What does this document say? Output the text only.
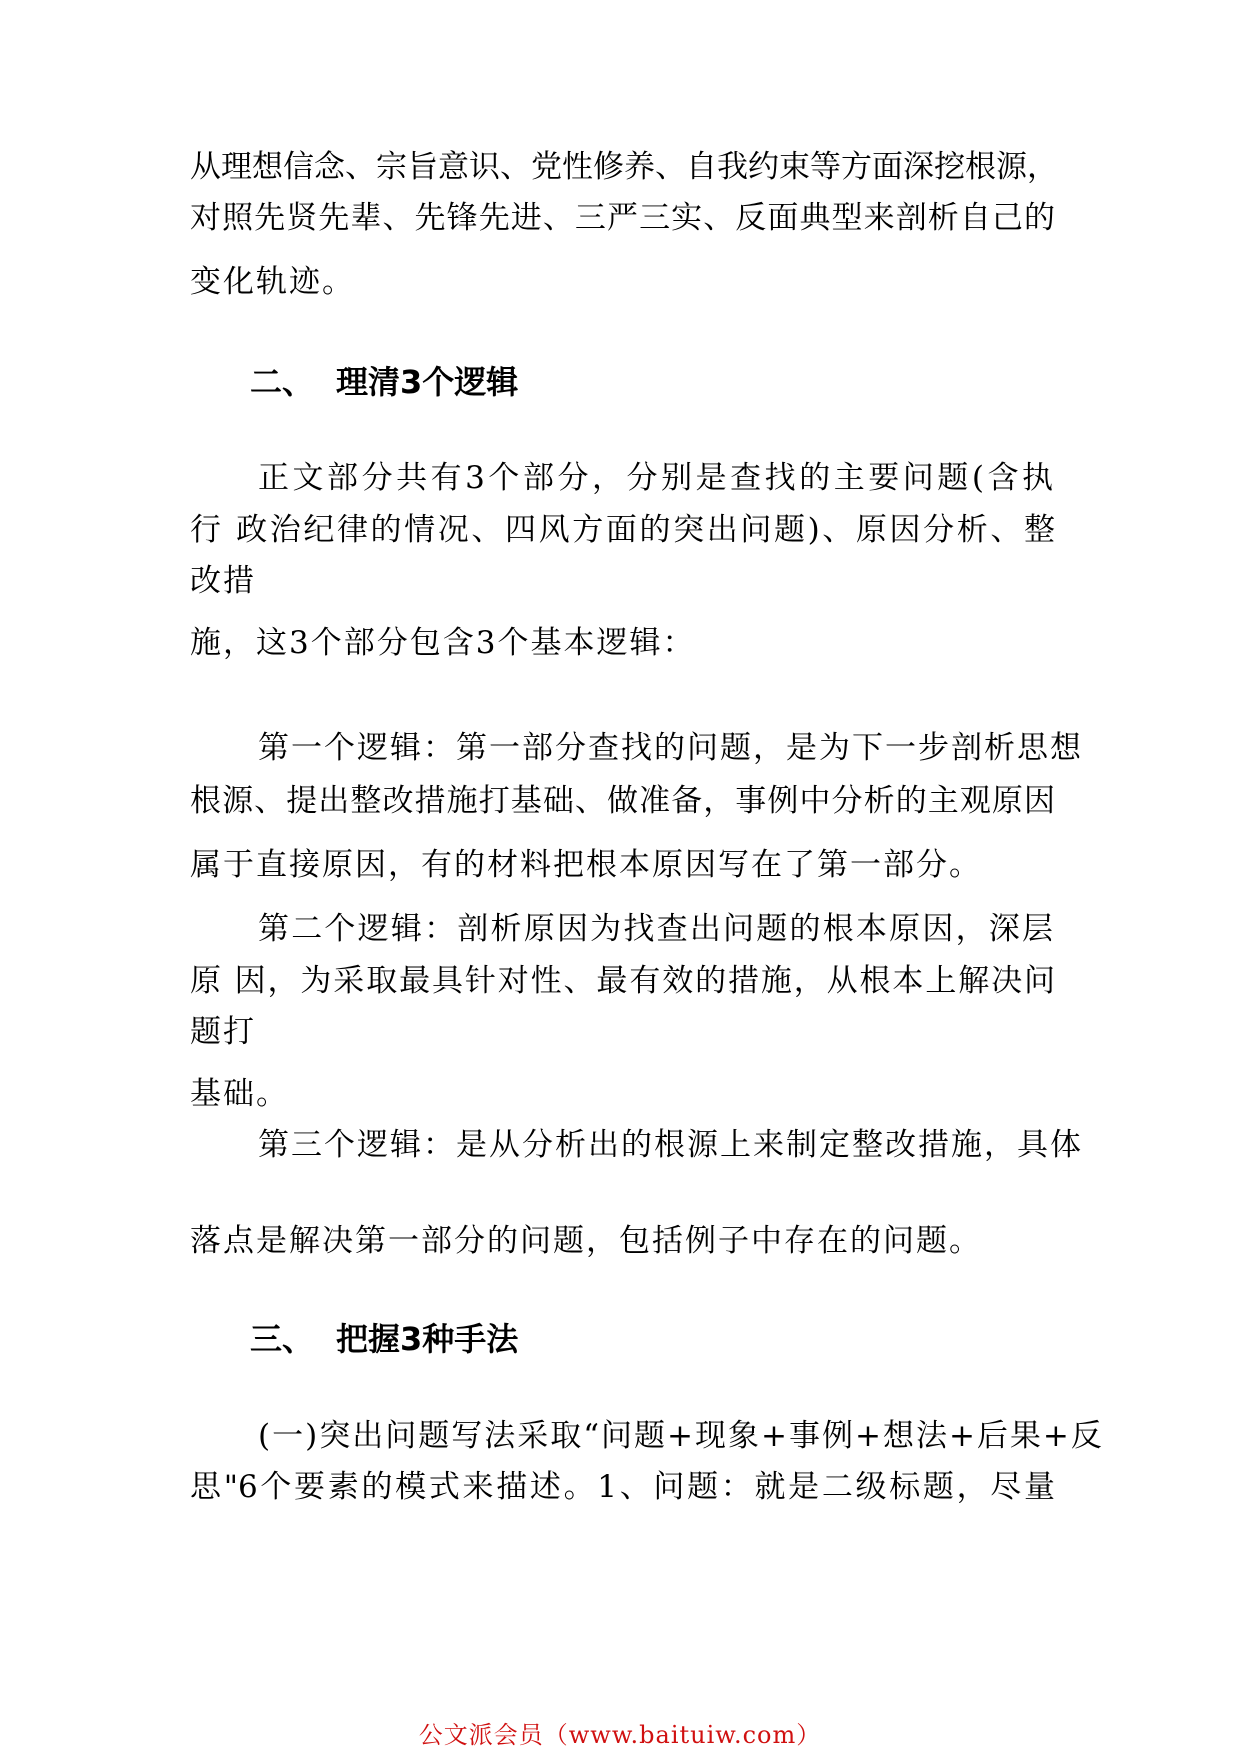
从理想信念、宗旨意识、党性修养、自我约束等方面深挖根源，
对照先贤先辈、先锋先进、三严三实、反面典型来剖析自己的
变化轨迹。
二、 理清3个逻辑
正文部分共有3个部分，分别是查找的主要问题(含执
行 政治纪律的情况、四风方面的突出问题)、原因分析、整
改措
施，这3个部分包含3个基本逻辑：
第一个逻辑：第一部分查找的问题，是为下一步剖析思想
根源、提出整改措施打基础、做准备，事例中分析的主观原因
属于直接原因，有的材料把根本原因写在了第一部分。
第二个逻辑：剖析原因为找查出问题的根本原因，深层
原 因，为采取最具针对性、最有效的措施，从根本上解决问
题打
基础。
第三个逻辑：是从分析出的根源上来制定整改措施，具体
落点是解决第一部分的问题，包括例子中存在的问题。
三、 把握3种手法
(一)突出问题写法采取“问题+现象+事例+想法+后果+反
思"6个要素的模式来描述。1、问题：就是二级标题，尽量
公文派会员（www.baituiw.com）
